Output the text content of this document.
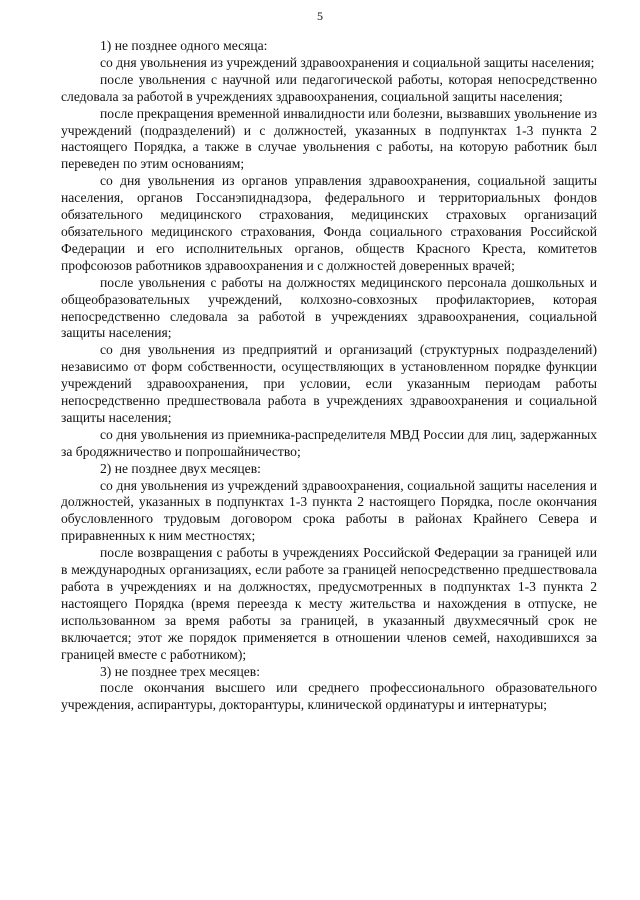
5

1) не позднее одного месяца:

со дня увольнения из учреждений здравоохранения и социальной защиты населения;

после увольнения с научной или педагогической работы, которая непосредственно следовала за работой в учреждениях здравоохранения, социальной защиты населения;

после прекращения временной инвалидности или болезни, вызвавших увольнение из учреждений (подразделений) и с должностей, указанных в подпунктах 1-3 пункта 2 настоящего Порядка, а также в случае увольнения с работы, на которую работник был переведен по этим основаниям;

со дня увольнения из органов управления здравоохранения, социальной защиты населения, органов Госсанэпиднадзора, федерального и территориальных фондов обязательного медицинского страхования, медицинских страховых организаций обязательного медицинского страхования, Фонда социального страхования Российской Федерации и его исполнительных органов, обществ Красного Креста, комитетов профсоюзов работников здравоохранения и с должностей доверенных врачей;

после увольнения с работы на должностях медицинского персонала дошкольных и общеобразовательных учреждений, колхозно-совхозных профилакториев, которая непосредственно следовала за работой в учреждениях здравоохранения, социальной защиты населения;

со дня увольнения из предприятий и организаций (структурных подразделений) независимо от форм собственности, осуществляющих в установленном порядке функции учреждений здравоохранения, при условии, если указанным периодам работы непосредственно предшествовала работа в учреждениях здравоохранения и социальной защиты населения;

со дня увольнения из приемника-распределителя МВД России для лиц, задержанных за бродяжничество и попрошайничество;

2) не позднее двух месяцев:

со дня увольнения из учреждений здравоохранения, социальной защиты населения и должностей, указанных в подпунктах 1-3 пункта 2 настоящего Порядка, после окончания обусловленного трудовым договором срока работы в районах Крайнего Севера и приравненных к ним местностях;

после возвращения с работы в учреждениях Российской Федерации за границей или в международных организациях, если работе за границей непосредственно предшествовала работа в учреждениях и на должностях, предусмотренных в подпунктах 1-3 пункта 2 настоящего Порядка (время переезда к месту жительства и нахождения в отпуске, не использованном за время работы за границей, в указанный двухмесячный срок не включается; этот же порядок применяется в отношении членов семей, находившихся за границей вместе с работником);

3) не позднее трех месяцев:

после окончания высшего или среднего профессионального образовательного учреждения, аспирантуры, докторантуры, клинической ординатуры и интернатуры;
